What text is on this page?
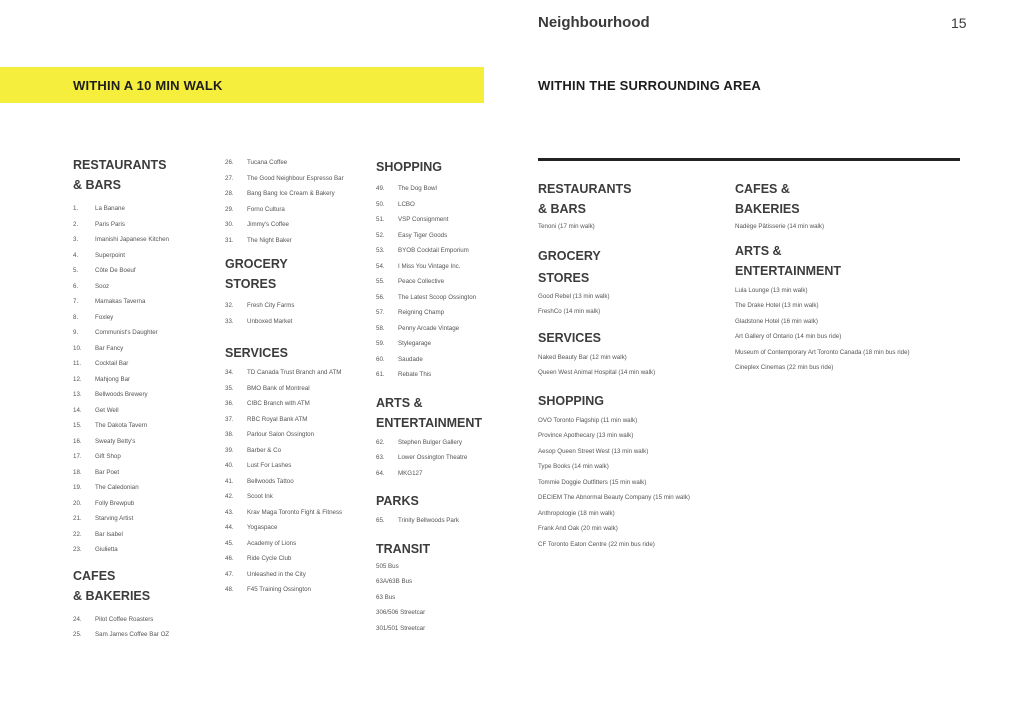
Neighbourhood	15
WITHIN A 10 MIN WALK	WITHIN THE SURROUNDING AREA
RESTAURANTS
& BARS
1.	La Banane
2.	Paris Paris
3.	Imanishi Japanese Kitchen
4.	Superpoint
5.	Côte De Boeuf
6.	Sooz
7.	Mamakas Taverna
8.	Foxley
9.	Communist's Daughter
10.	Bar Fancy
11.	Cocktail Bar
12.	Mahjong Bar
13.	Bellwoods Brewery
14.	Get Well
15.	The Dakota Tavern
16.	Sweaty Betty's
17.	Gift Shop
18.	Bar Poet
19.	The Caledonian
20.	Folly Brewpub
21.	Starving Artist
22.	Bar Isabel
23.	Giulietta
CAFES
& BAKERIES
24.	Pilot Coffee Roasters
25.	Sam James Coffee Bar OZ
26.	Tucana Coffee
27.	The Good Neighbour Espresso Bar
28.	Bang Bang Ice Cream & Bakery
29.	Forno Cultura
30.	Jimmy's Coffee
31.	The Night Baker
GROCERY
STORES
32.	Fresh City Farms
33.	Unboxed Market
SERVICES
34.	TD Canada Trust Branch and ATM
35.	BMO Bank of Montreal
36.	CIBC Branch with ATM
37.	RBC Royal Bank ATM
38.	Parlour Salon Ossington
39.	Barber & Co
40.	Lust For Lashes
41.	Bellwoods Tattoo
42.	Scoot Ink
43.	Krav Maga Toronto Fight & Fitness
44.	Yogaspace
45.	Academy of Lions
46.	Ride Cycle Club
47.	Unleashed in the City
48.	F45 Training Ossington
SHOPPING
49.	The Dog Bowl
50.	LCBO
51.	VSP Consignment
52.	Easy Tiger Goods
53.	BYOB Cocktail Emporium
54.	I Miss You Vintage Inc.
55.	Peace Collective
56.	The Latest Scoop Ossington
57.	Reigning Champ
58.	Penny Arcade Vintage
59.	Stylegarage
60.	Saudade
61.	Rebate This
ARTS &
ENTERTAINMENT
62.	Stephen Bulger Gallery
63.	Lower Ossington Theatre
64.	MKG127
PARKS
65.	Trinity Bellwoods Park
TRANSIT
505 Bus
63A/63B Bus
63 Bus
306/506 Streetcar
301/501 Streetcar
RESTAURANTS
& BARS
Tenoni (17 min walk)
GROCERY
STORES
Good Rebel (13 min walk)
FreshCo (14 min walk)
SERVICES
Naked Beauty Bar (12 min walk)
Queen West Animal Hospital (14 min walk)
SHOPPING
OVO Toronto Flagship (11 min walk)
Province Apothecary (13 min walk)
Aesop Queen Street West (13 min walk)
Type Books (14 min walk)
Tommie Doggie Outfitters (15 min walk)
DECIEM The Abnormal Beauty Company (15 min walk)
Anthropologie (18 min walk)
Frank And Oak (20 min walk)
CF Toronto Eaton Centre (22 min bus ride)
CAFES &
BAKERIES
Nadège Pâtisserie (14 min walk)
ARTS &
ENTERTAINMENT
Lula Lounge (13 min walk)
The Drake Hotel (13 min walk)
Gladstone Hotel (16 min walk)
Art Gallery of Ontario (14 min bus ride)
Museum of Contemporary Art Toronto Canada (18 min bus ride)
Cineplex Cinemas (22 min bus ride)
